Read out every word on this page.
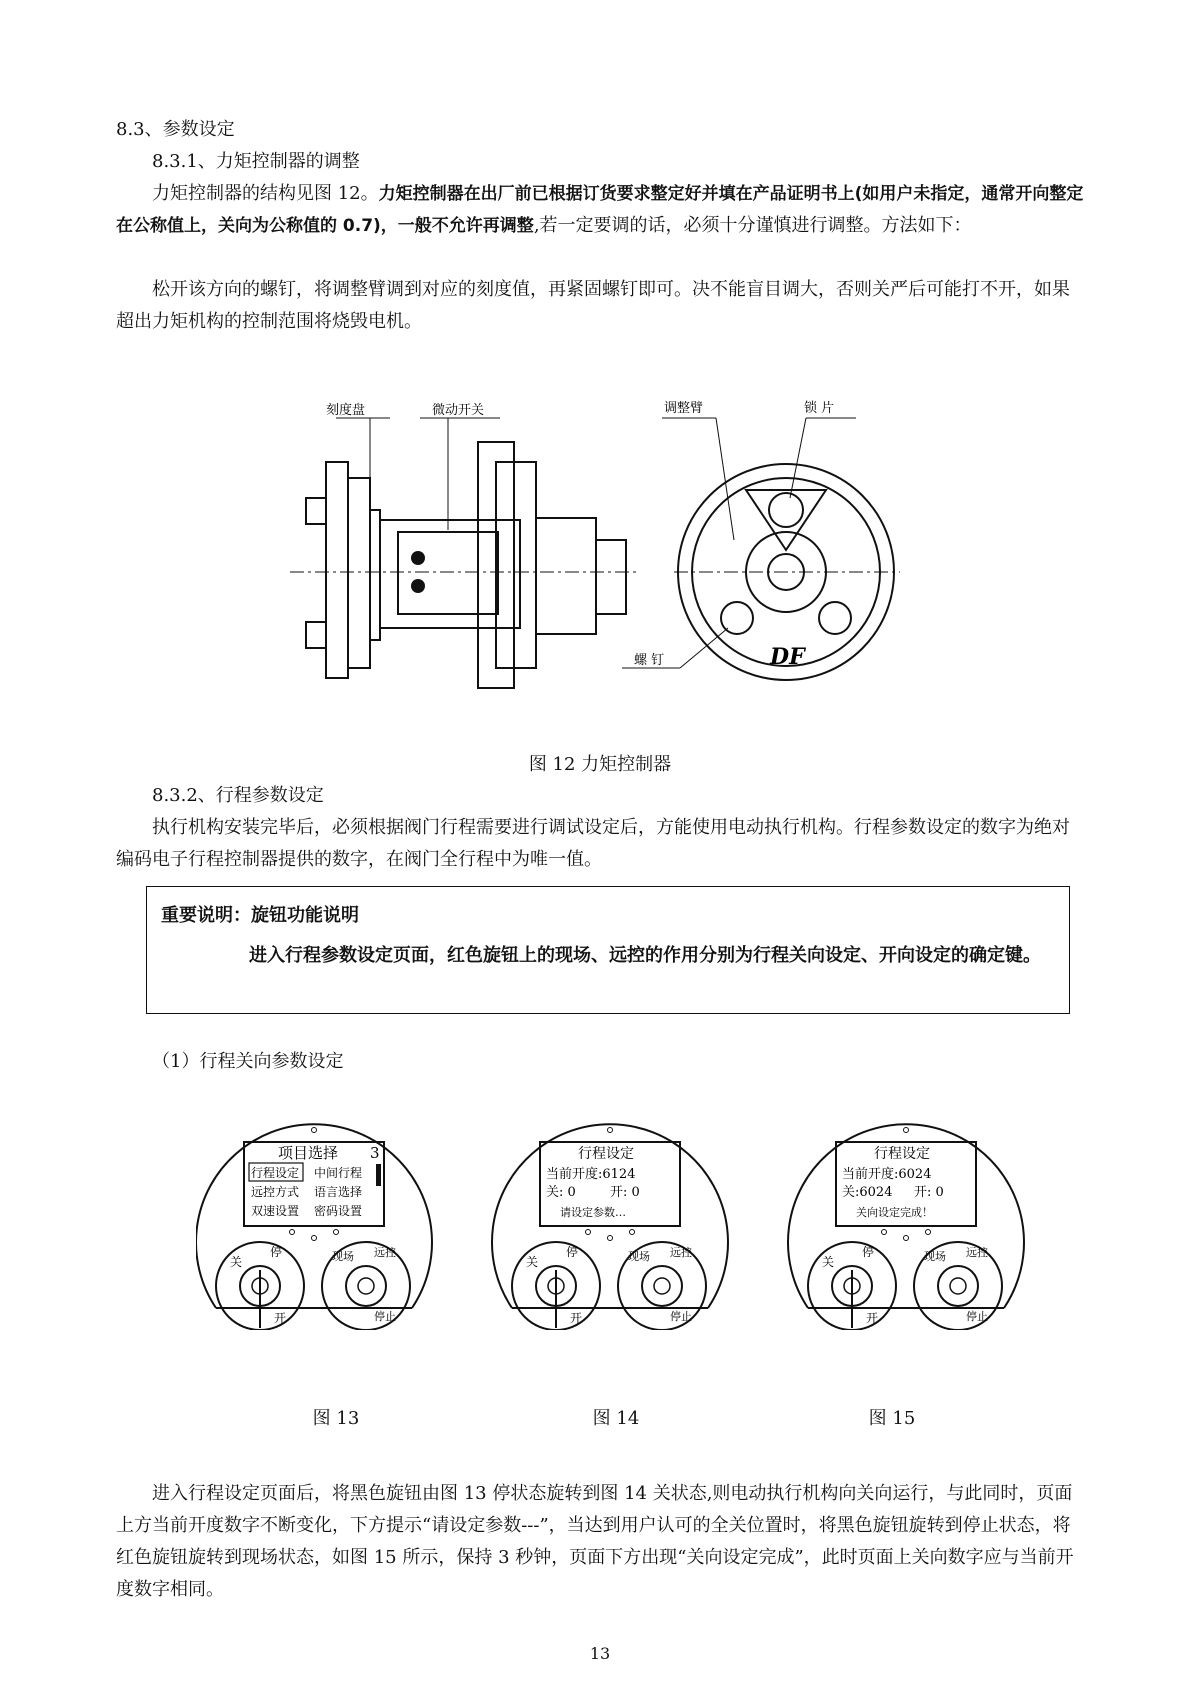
8.3、参数设定
8.3.1、力矩控制器的调整
力矩控制器的结构见图 12。力矩控制器在出厂前已根据订货要求整定好并填在产品证明书上(如用户未指定，通常开向整定在公称值上，关向为公称值的 0.7)，一般不允许再调整,若一定要调的话，必须十分谨慎进行调整。方法如下：
松开该方向的螺钉，将调整臂调到对应的刻度值，再紧固螺钉即可。决不能盲目调大，否则关严后可能打不开，如果超出力矩机构的控制范围将烧毁电机。
刻度盘	微动开关	调整臂	锁 片
螺 钉	DF
图 12 力矩控制器
8.3.2、行程参数设定
执行机构安装完毕后，必须根据阀门行程需要进行调试设定后，方能使用电动执行机构。行程参数设定的数字为绝对编码电子行程控制器提供的数字，在阀门全行程中为唯一值。
重要说明：旋钮功能说明
进入行程参数设定页面，红色旋钮上的现场、远控的作用分别为行程关向设定、开向设定的确定键。
（1）行程关向参数设定
项目选择 3
行程设定 中间行程
远控方式 语言选择
双速设置 密码设置
关
停
开
现场 远控
停止
行程设定
当前开度:6124
关: 0	开: 0
请设定参数…
关
停
开
现场 远控
停止
行程设定
当前开度:6024
关:6024 开: 0
关向设定完成！
关
停
开
现场 远控
停止
图 13	图 14	图 15
进入行程设定页面后，将黑色旋钮由图 13 停状态旋转到图 14 关状态,则电动执行机构向关向运行，与此同时，页面上方当前开度数字不断变化，下方提示“请设定参数---”，当达到用户认可的全关位置时，将黑色旋钮旋转到停止状态，将红色旋钮旋转到现场状态，如图 15 所示，保持 3 秒钟，页面下方出现“关向设定完成”，此时页面上关向数字应与当前开度数字相同。
13
